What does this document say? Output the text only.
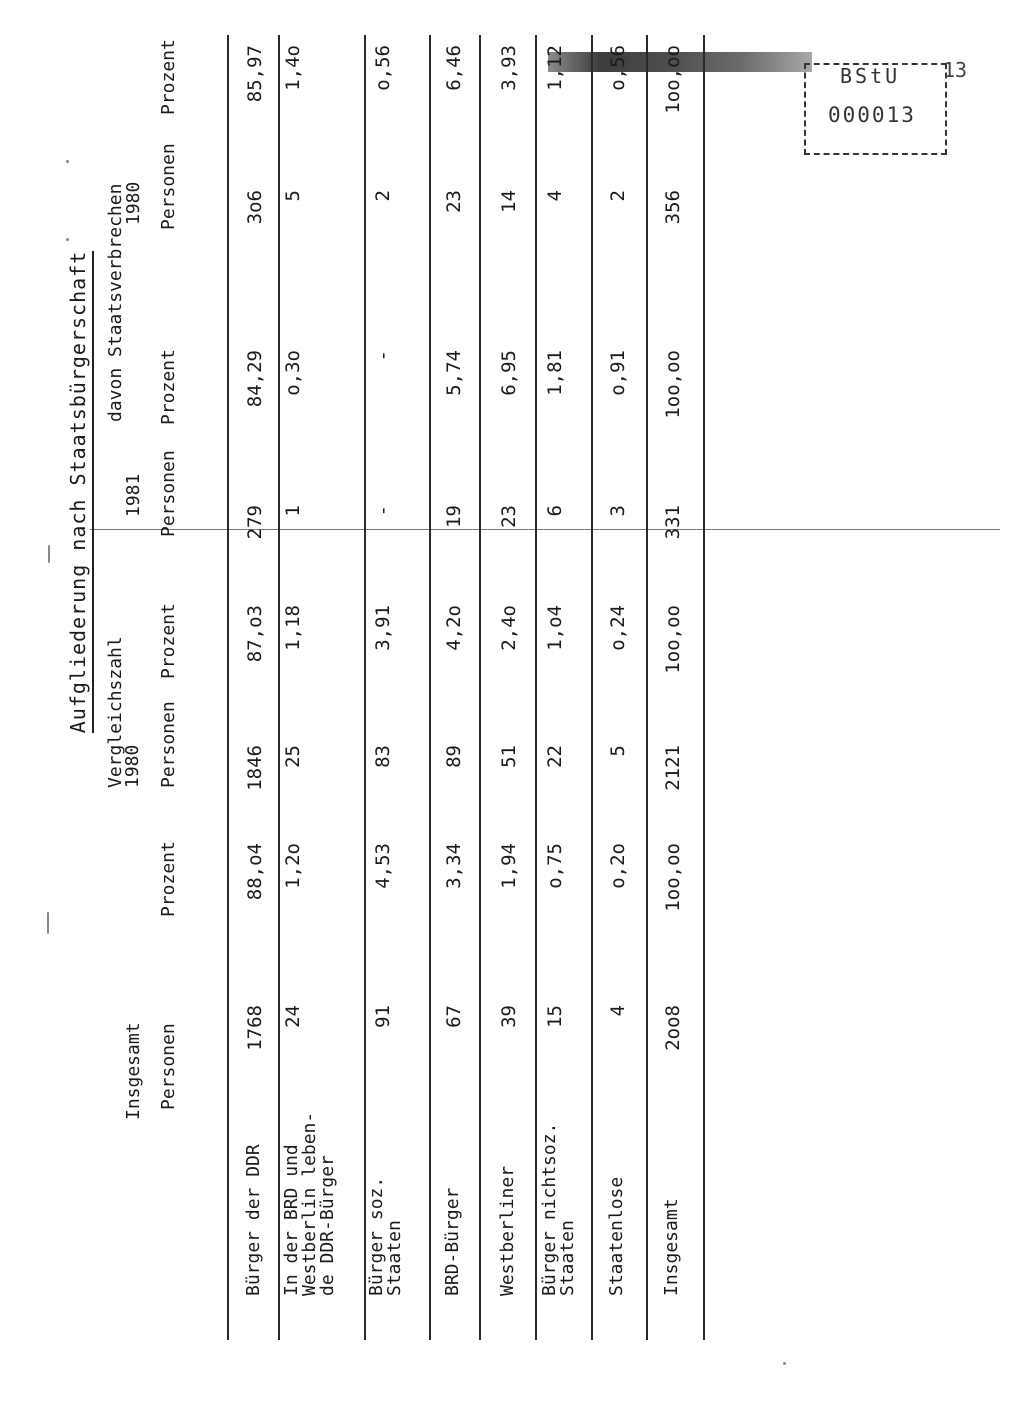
BStU
000013
13
Aufgliederung nach Staatsbürgerschaft
Insgesamt
Vergleichszahl
1980
davon Staatsverbrechen
1981
1980
Personen
Prozent
Personen
Prozent
Personen
Prozent
Personen
Prozent
Bürger der DDR
1768
88,o4
1846
87,o3
279
84,29
3o6
85,97
In der BRD und
Westberlin leben-
de DDR-Bürger
24
1,2o
25
1,18
1
o,3o
5
1,4o
Bürger soz.
Staaten
91
4,53
83
3,91
-
-
2
o,56
BRD-Bürger
67
3,34
89
4,2o
19
5,74
23
6,46
Westberliner
39
1,94
51
2,4o
23
6,95
14
3,93
Bürger nichtsoz.
Staaten
15
o,75
22
1,o4
6
1,81
4
1,12
Staatenlose
4
o,2o
5
o,24
3
o,91
2
o,56
Insgesamt
2oo8
1oo,oo
2121
1oo,oo
331
1oo,oo
356
1oo,oo
